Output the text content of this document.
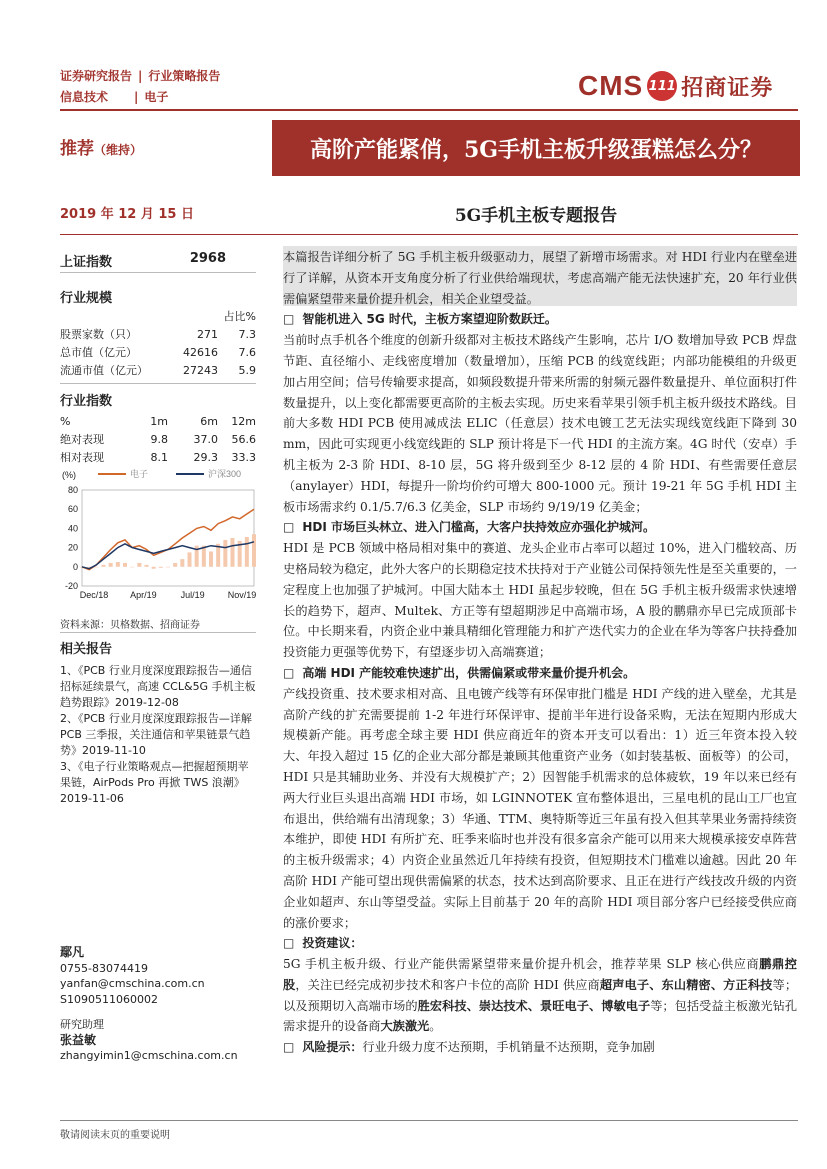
证券研究报告 | 行业策略报告
信息技术 | 电子	CMS 111 招商证券
推荐（维持）	高阶产能紧俏，5G手机主板升级蛋糕怎么分？
2019 年 12 月 15 日	5G手机主板专题报告
上证指数	2968
行业规模
占比%
股票家数（只）	271	7.3
总市值（亿元）	42616	7.6
流通市值（亿元）	27243	5.9
行业指数
%	1m	6m	12m
绝对表现	9.8	37.0	56.6
相对表现	8.1	29.3	33.3
(%)	电子	沪深300
80
60
40
20
0
-20
Dec/18 Apr/19	Jul/19	Nov/19
资料来源：贝格数据、招商证券
相关报告
1、《PCB 行业月度深度跟踪报告—通信招标延续景气，高速 CCL&5G 手机主板趋势跟踪》2019-12-08
2、《PCB 行业月度深度跟踪报告—详解 PCB 三季报，关注通信和苹果链景气趋势》2019-11-10
3、《电子行业策略观点—把握超预期苹果链，AirPods Pro 再掀 TWS 浪潮》2019-11-06
鄢凡
0755-83074419
yanfan@cmschina.com.cn
S1090511060002
研究助理
张益敏
zhangyimin1@cmschina.com.cn

本篇报告详细分析了 5G 手机主板升级驱动力，展望了新增市场需求。对 HDI 行业内在壁垒进行了详解，从资本开支角度分析了行业供给端现状，考虑高端产能无法快速扩充，20 年行业供需偏紧望带来量价提升机会，相关企业望受益。

□ 智能机进入 5G 时代，主板方案望迎阶数跃迁。

当前时点手机各个维度的创新升级都对主板技术路线产生影响，芯片 I/O 数增加导致 PCB 焊盘节距、直径缩小、走线密度增加（数量增加），压缩 PCB 的线宽线距；内部功能模组的升级更加占用空间；信号传输要求提高，如频段数提升带来所需的射频元器件数量提升、单位面积打件数量提升，以上变化都需要更高阶的主板去实现。历史来看苹果引领手机主板升级技术路线。目前大多数 HDI PCB 使用减成法 ELIC（任意层）技术电镀工艺无法实现线宽线距下降到 30 mm，因此可实现更小线宽线距的 SLP 预计将是下一代 HDI 的主流方案。4G 时代（安卓）手机主板为 2-3 阶 HDI、8-10 层，5G 将升级到至少 8-12 层的 4 阶 HDI、有些需要任意层（anylayer）HDI，每提升一阶均价约可增大 800-1000 元。预计 19-21 年 5G 手机 HDI 主板市场需求约 0.1/5.7/6.3 亿美金，SLP 市场约 9/19/19 亿美金；

□ HDI 市场巨头林立、进入门槛高，大客户扶持效应亦强化护城河。

HDI 是 PCB 领域中格局相对集中的赛道、龙头企业市占率可以超过 10%，进入门槛较高、历史格局较为稳定，此外大客户的长期稳定技术扶持对于产业链公司保持领先性是至关重要的，一定程度上也加强了护城河。中国大陆本土 HDI 虽起步较晚，但在 5G 手机主板升级需求快速增长的趋势下，超声、Multek、方正等有望超期涉足中高端市场，A 股的鹏鼎亦早已完成顶部卡位。中长期来看，内资企业中兼具精细化管理能力和扩产迭代实力的企业在华为等客户扶持叠加投资能力更强等优势下，有望逐步切入高端赛道；

□ 高端 HDI 产能较难快速扩出，供需偏紧或带来量价提升机会。

产线投资重、技术要求相对高、且电镀产线等有环保审批门槛是 HDI 产线的进入壁垒，尤其是高阶产线的扩充需要提前 1-2 年进行环保评审、提前半年进行设备采购，无法在短期内形成大规模新产能。再考虑全球主要 HDI 供应商近年的资本开支可以看出：1）近三年资本投入较大、年投入超过 15 亿的企业大部分都是兼顾其他重资产业务（如封装基板、面板等）的公司，HDI 只是其辅助业务、并没有大规模扩产；2）因智能手机需求的总体疲软，19 年以来已经有两大行业巨头退出高端 HDI 市场，如 LGINNOTEK 宣布整体退出，三星电机的昆山工厂也宣布退出，供给端有出清现象；3）华通、TTM、奥特斯等近三年虽有投入但其苹果业务需持续资本维护，即使 HDI 有所扩充、旺季来临时也并没有很多富余产能可以用来大规模承接安卓阵营的主板升级需求；4）内资企业虽然近几年持续有投资，但短期技术门槛难以逾越。因此 20 年高阶 HDI 产能可望出现供需偏紧的状态，技术达到高阶要求、且正在进行产线技改升级的内资企业如超声、东山等望受益。实际上目前基于 20 年的高阶 HDI 项目部分客户已经接受供应商的涨价要求；

□ 投资建议：

5G 手机主板升级、行业产能供需紧望带来量价提升机会，推荐苹果 SLP 核心供应商鹏鼎控股，关注已经完成初步技术和客户卡位的高阶 HDI 供应商超声电子、东山精密、方正科技等；以及预期切入高端市场的胜宏科技、崇达技术、景旺电子、博敏电子等；包括受益主板激光钻孔需求提升的设备商大族激光。

□ 风险提示：行业升级力度不达预期，手机销量不达预期，竞争加剧

敬请阅读末页的重要说明
